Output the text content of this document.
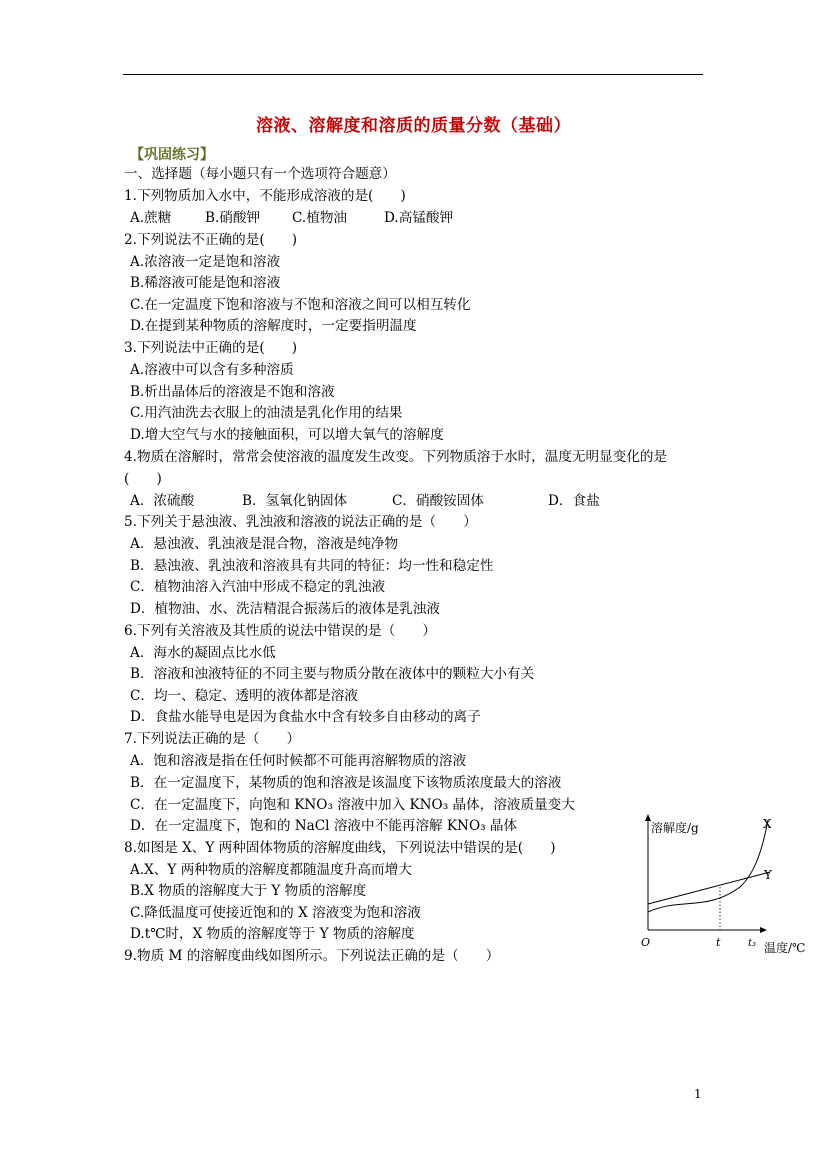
溶液、溶解度和溶质的质量分数（基础）
【巩固练习】
一、选择题（每小题只有一个选项符合题意）
1.下列物质加入水中，不能形成溶液的是(　　)
A.蔗糖 B.硝酸钾 C.植物油	D.高锰酸钾
2.下列说法不正确的是(　　)
A.浓溶液一定是饱和溶液
B.稀溶液可能是饱和溶液
C.在一定温度下饱和溶液与不饱和溶液之间可以相互转化
D.在提到某种物质的溶解度时，一定要指明温度
3.下列说法中正确的是(　　)
A.溶液中可以含有多种溶质
B.析出晶体后的溶液是不饱和溶液
C.用汽油洗去衣服上的油渍是乳化作用的结果
D.增大空气与水的接触面积，可以增大氧气的溶解度
4.物质在溶解时，常常会使溶液的温度发生改变。下列物质溶于水时，温度无明显变化的是
(　　)
A．浓硫酸	B．氢氧化钠固体	C．硝酸铵固体	D．食盐
5.下列关于悬浊液、乳浊液和溶液的说法正确的是（　　）
A．悬浊液、乳浊液是混合物，溶液是纯净物
B．悬浊液、乳浊液和溶液具有共同的特征：均一性和稳定性
C．植物油溶入汽油中形成不稳定的乳浊液
D．植物油、水、洗洁精混合振荡后的液体是乳浊液
6.下列有关溶液及其性质的说法中错误的是（　　）
A．海水的凝固点比水低
B．溶液和浊液特征的不同主要与物质分散在液体中的颗粒大小有关
C．均一、稳定、透明的液体都是溶液
D．食盐水能导电是因为食盐水中含有较多自由移动的离子
7.下列说法正确的是（　　）
A．饱和溶液是指在任何时候都不可能再溶解物质的溶液
B．在一定温度下，某物质的饱和溶液是该温度下该物质浓度最大的溶液
C．在一定温度下，向饱和 KNO₃ 溶液中加入 KNO₃ 晶体，溶液质量变大
D．在一定温度下，饱和的 NaCl 溶液中不能再溶解 KNO₃ 晶体
8.如图是 X、Y 两种固体物质的溶解度曲线，下列说法中错误的是(　　)
A.X、Y 两种物质的溶解度都随温度升高而增大
B.X 物质的溶解度大于 Y 物质的溶解度
C.降低温度可使接近饱和的 X 溶液变为饱和溶液
D.t℃时，X 物质的溶解度等于 Y 物质的溶解度
9.物质 M 的溶解度曲线如图所示。下列说法正确的是（　　）
溶解度/g
温度/℃
O	t	t₃
X
Y
1
